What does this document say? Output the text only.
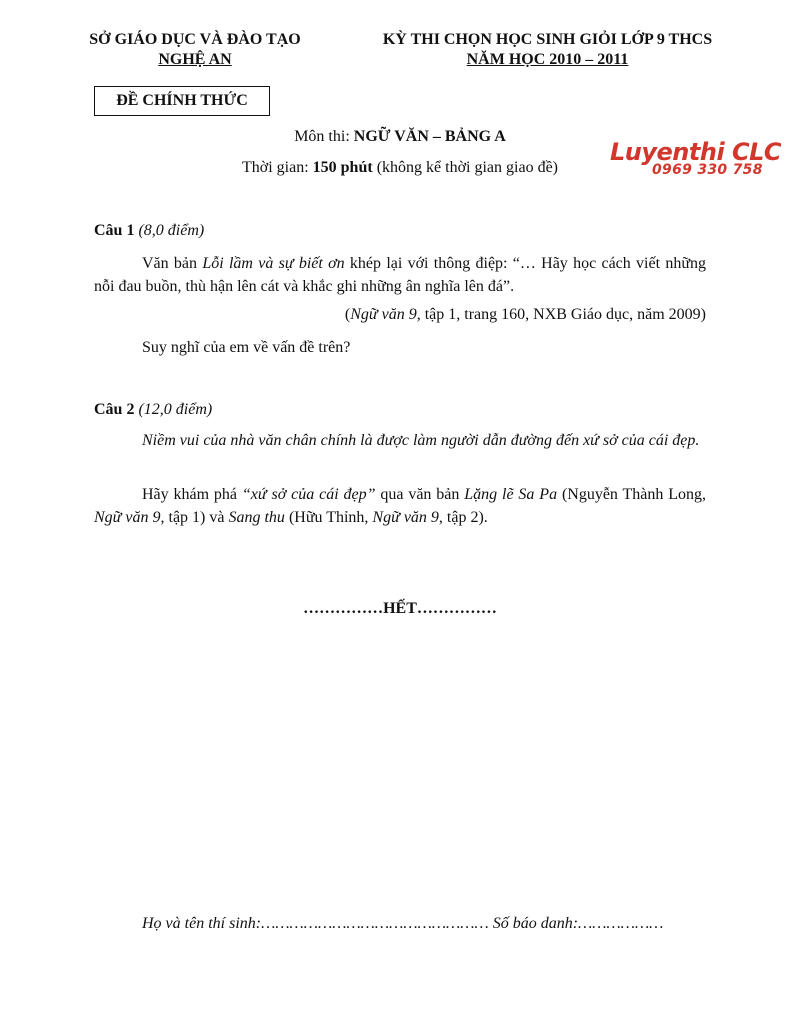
SỞ GIÁO DỤC VÀ ĐÀO TẠO
NGHỆ AN
KỲ THI CHỌN HỌC SINH GIỎI LỚP 9 THCS
NĂM HỌC 2010 – 2011
ĐỀ CHÍNH THỨC
Môn thi: NGỮ VĂN – BẢNG A
Thời gian: 150 phút (không kể thời gian giao đề)
Luyenthi CLC
0969 330 758
Câu 1 (8,0 điểm)
Văn bản Lỗi lầm và sự biết ơn khép lại với thông điệp: “… Hãy học cách viết những nỗi đau buồn, thù hận lên cát và khắc ghi những ân nghĩa lên đá”.
(Ngữ văn 9, tập 1, trang 160, NXB Giáo dục, năm 2009)
Suy nghĩ của em về vấn đề trên?
Câu 2 (12,0 điểm)
Niềm vui của nhà văn chân chính là được làm người dẫn đường đến xứ sở của cái đẹp.
Hãy khám phá “xứ sở của cái đẹp” qua văn bản Lặng lẽ Sa Pa (Nguyễn Thành Long, Ngữ văn 9, tập 1) và Sang thu (Hữu Thỉnh, Ngữ văn 9, tập 2).
……………HẾT……………
Họ và tên thí sinh:………………………………………… Số báo danh:………………
